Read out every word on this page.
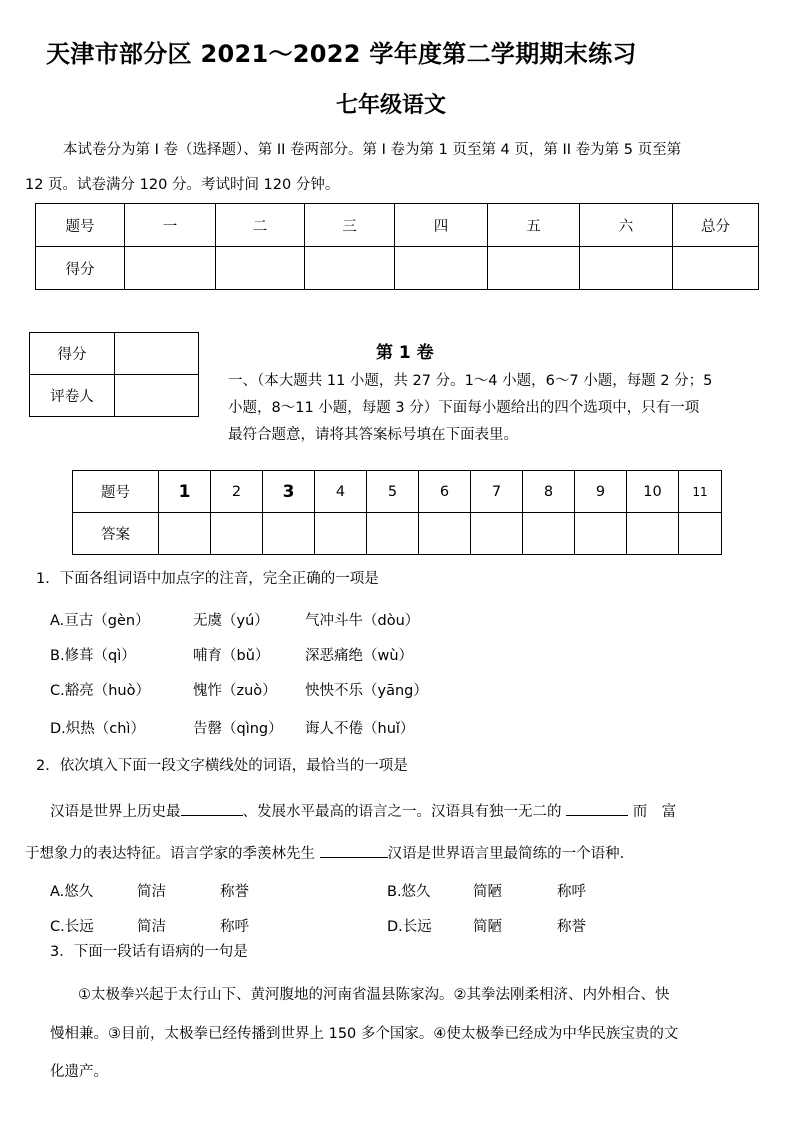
天津市部分区 2021～2022 学年度第二学期期末练习
七年级语文
本试卷分为第 I 卷（选择题）、第 II 卷两部分。第 I 卷为第 1 页至第 4 页，第 II 卷为第 5 页至第
12 页。试卷满分 120 分。考试时间 120 分钟。
题号	一	二	三	四	五	六	总分
得分							
得分	
评卷人	
第 1 卷
一、（本大题共 11 小题，共 27 分。1～4 小题，6～7 小题，每题 2 分；5
小题，8～11 小题，每题 3 分）下面每小题给出的四个选项中，只有一项
最符合题意，请将其答案标号填在下面表里。
题号	1	2	3	4	5	6	7	8	9	10	11
答案											
1．下面各组词语中加点字的注音，完全正确的一项是
A.亘古（gèn）	无虞（yú） 气冲斗牛（dòu）
B.修葺（qì）	哺育（bǔ） 深恶痛绝（wù）
C.豁亮（huò）	愧怍（zuò） 怏怏不乐（yāng）
D.炽热（chì）	告罄（qìng） 诲人不倦（huǐ）
2．依次填入下面一段文字横线处的词语，最恰当的一项是
汉语是世界上历史最	、发展水平最高的语言之一。汉语具有独一无二的	而　富
于想象力的表达特征。语言学家的季羡林先生	汉语是世界语言里最简练的一个语种．
A.悠久	简洁	称誉	B.悠久	简陋	称呼
C.长远	简洁	称呼	D.长远	简陋	称誉
3．下面一段话有语病的一句是
①太极拳兴起于太行山下、黄河腹地的河南省温县陈家沟。②其拳法刚柔相济、内外相合、快
慢相兼。③目前，太极拳已经传播到世界上 150 多个国家。④使太极拳已经成为中华民族宝贵的文
化遗产。
